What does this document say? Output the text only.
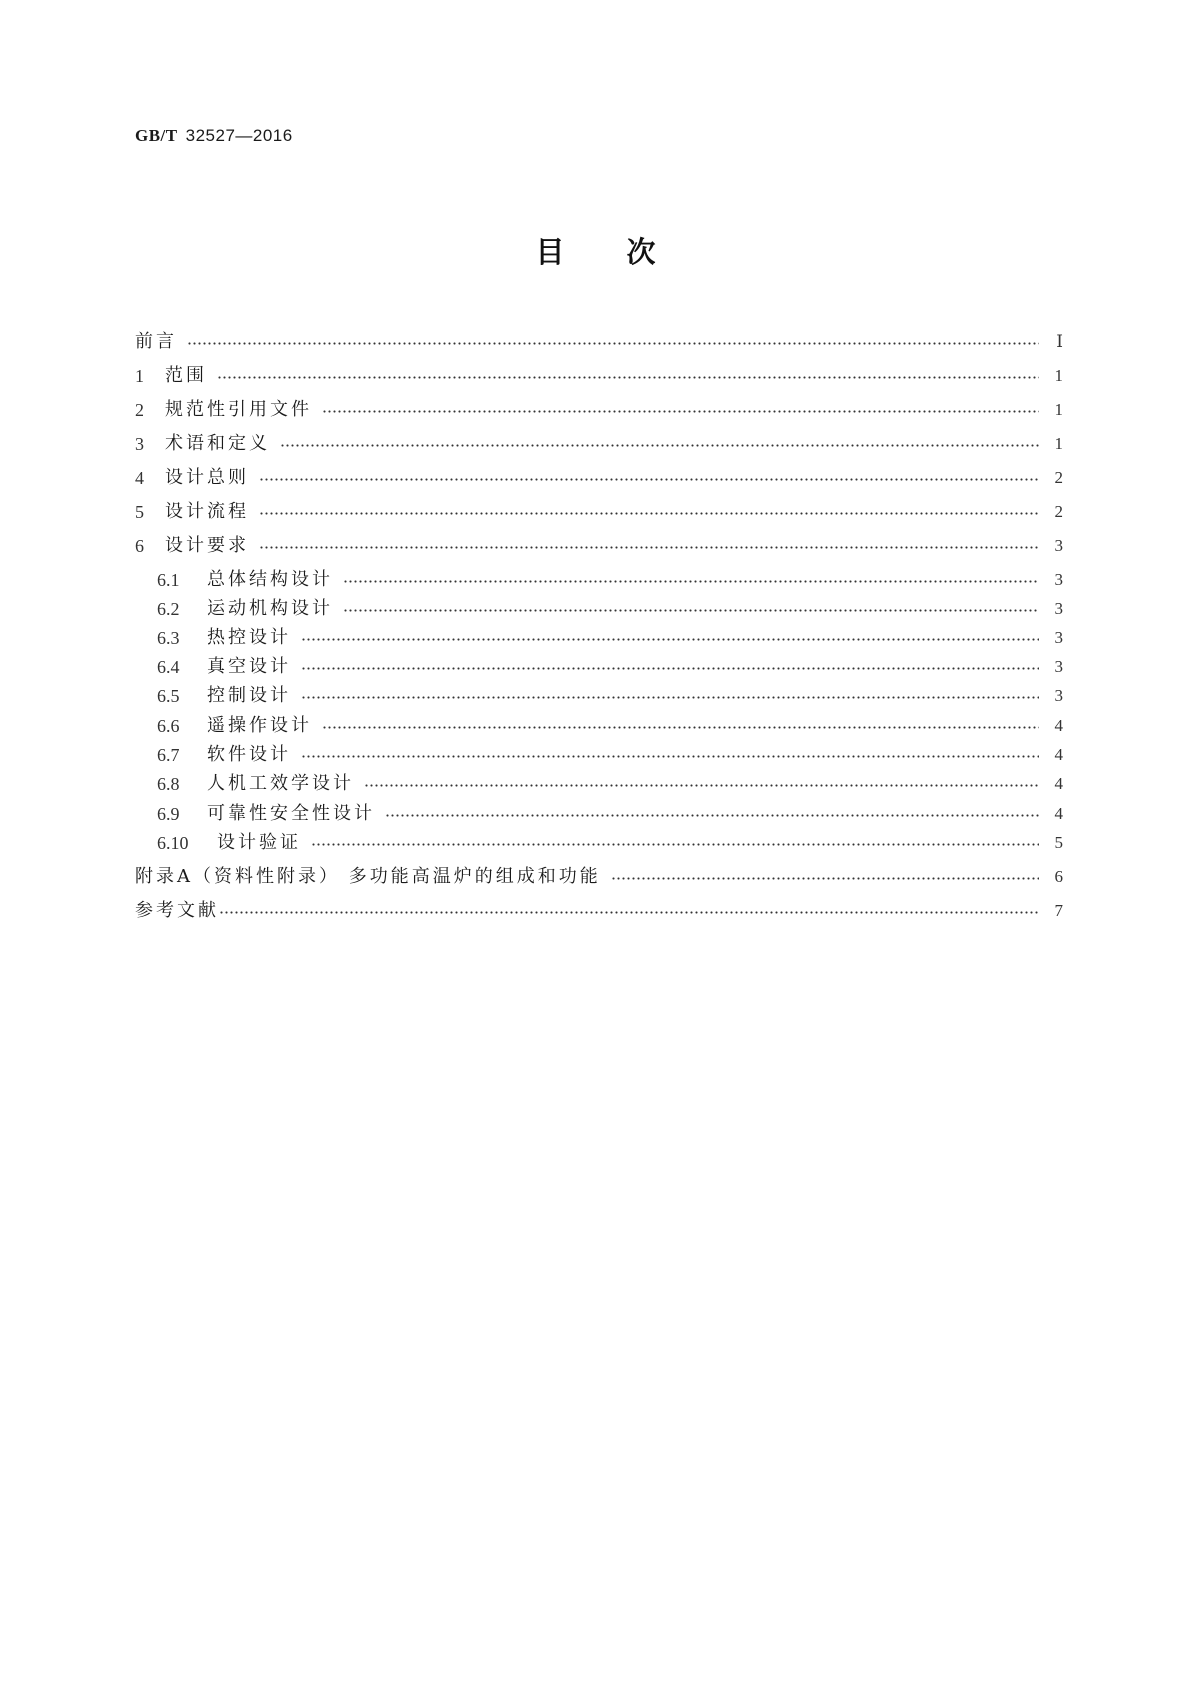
GB/T 32527—2016
目次
前言	Ⅰ
1	范围	1
2	规范性引用文件	1
3	术语和定义	1
4	设计总则	2
5	设计流程	2
6	设计要求	3
6.1	总体结构设计	3
6.2	运动机构设计	3
6.3	热控设计	3
6.4	真空设计	3
6.5	控制设计	3
6.6	遥操作设计	4
6.7	软件设计	4
6.8	人机工效学设计	4
6.9	可靠性安全性设计	4
6.10	设计验证	5
附录A（资料性附录） 多功能高温炉的组成和功能	6
参考文献	7
